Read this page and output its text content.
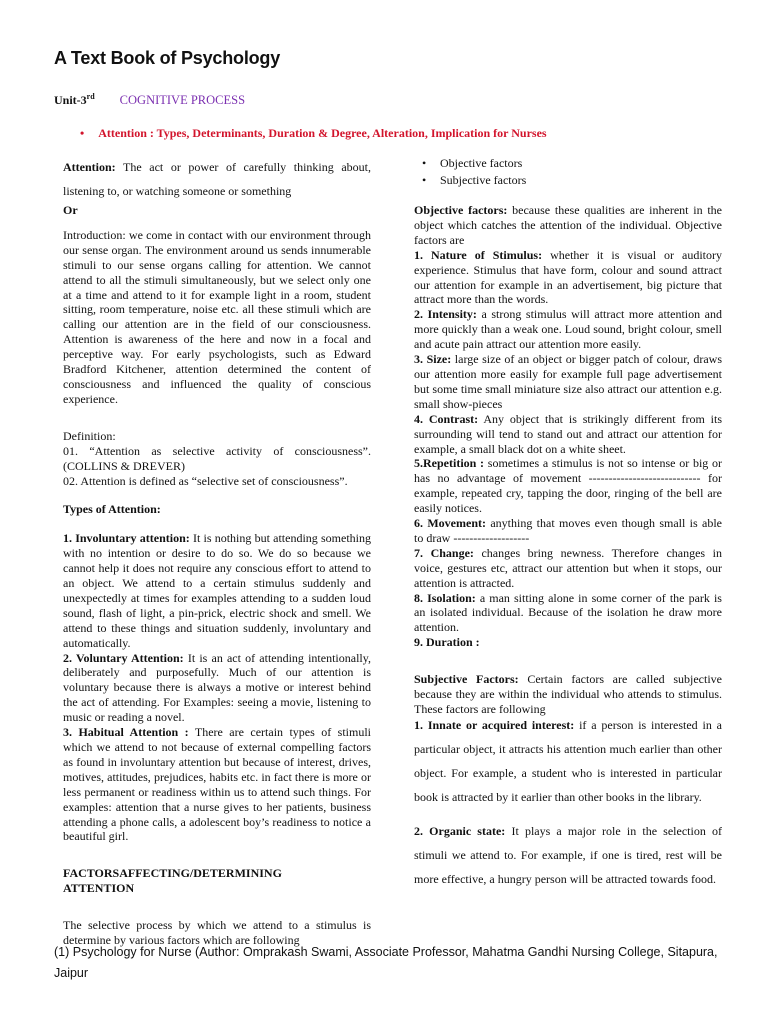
A Text Book of Psychology
Unit-3rd COGNITIVE PROCESS
• Attention : Types, Determinants, Duration & Degree, Alteration, Implication for Nurses

Attention: The act or power of carefully thinking about, listening to, or watching someone or something

Or

Introduction: we come in contact with our environment through our sense organ. The environment around us sends innumerable stimuli to our sense organs calling for attention. We cannot attend to all the stimuli simultaneously, but we select only one at a time and attend to it for example light in a room, student sitting, room temperature, noise etc. all these stimuli which are calling our attention are in the field of our consciousness. Attention is awareness of the here and now in a focal and perceptive way. For early psychologists, such as Edward Bradford Kitchener, attention determined the content of consciousness and influenced the quality of conscious experience.

Definition:

01. “Attention as selective activity of consciousness”. (COLLINS & DREVER)

02. Attention is defined as “selective set of consciousness”.

Types of Attention:

1. Involuntary attention: It is nothing but attending something with no intention or desire to do so. We do so because we cannot help it does not require any conscious effort to attend to an object. We attend to a certain stimulus suddenly and unexpectedly at times for examples attending to a sudden loud sound, flash of light, a pin-prick, electric shock and smell. We attend to these things and situation suddenly, involuntary and automatically.

2. Voluntary Attention: It is an act of attending intentionally, deliberately and purposefully. Much of our attention is voluntary because there is always a motive or interest behind the act of attending. For Examples: seeing a movie, listening to music or reading a novel.

3. Habitual Attention : There are certain types of stimuli which we attend to not because of external compelling factors as found in involuntary attention but because of interest, drives, motives, attitudes, prejudices, habits etc. in fact there is more or less permanent or readiness within us to attend such things. For examples: attention that a nurse gives to her patients, business attending a phone calls, a adolescent boy’s readiness to notice a beautiful girl.

FACTORSAFFECTING/DETERMINING ATTENTION

The selective process by which we attend to a stimulus is determine by various factors which are following

• Objective factors
• Subjective factors

Objective factors: because these qualities are inherent in the object which catches the attention of the individual. Objective factors are

1. Nature of Stimulus: whether it is visual or auditory experience. Stimulus that have form, colour and sound attract our attention for example in an advertisement, big picture that attract more than the words.

2. Intensity: a strong stimulus will attract more attention and more quickly than a weak one. Loud sound, bright colour, smell and acute pain attract our attention more easily.

3. Size: large size of an object or bigger patch of colour, draws our attention more easily for example full page advertisement but some time small miniature size also attract our attention e.g. small show-pieces

4. Contrast: Any object that is strikingly different from its surrounding will tend to stand out and attract our attention for example, a small black dot on a white sheet.

5.Repetition : sometimes a stimulus is not so intense or big or has no advantage of movement ---------------------------- for example, repeated cry, tapping the door, ringing of the bell are easily notices.

6. Movement: anything that moves even though small is able to draw -------------------

7. Change: changes bring newness. Therefore changes in voice, gestures etc, attract our attention but when it stops, our attention is attracted.

8. Isolation: a man sitting alone in some corner of the park is an isolated individual. Because of the isolation he draw more attention.

9. Duration :

Subjective Factors: Certain factors are called subjective because they are within the individual who attends to stimulus. These factors are following

1. Innate or acquired interest: if a person is interested in a particular object, it attracts his attention much earlier than other object. For example, a student who is interested in particular book is attracted by it earlier than other books in the library.

2. Organic state: It plays a major role in the selection of stimuli we attend to. For example, if one is tired, rest will be more effective, a hungry person will be attracted towards food.

(1) Psychology for Nurse (Author: Omprakash Swami, Associate Professor, Mahatma Gandhi Nursing College, Sitapura, Jaipur
